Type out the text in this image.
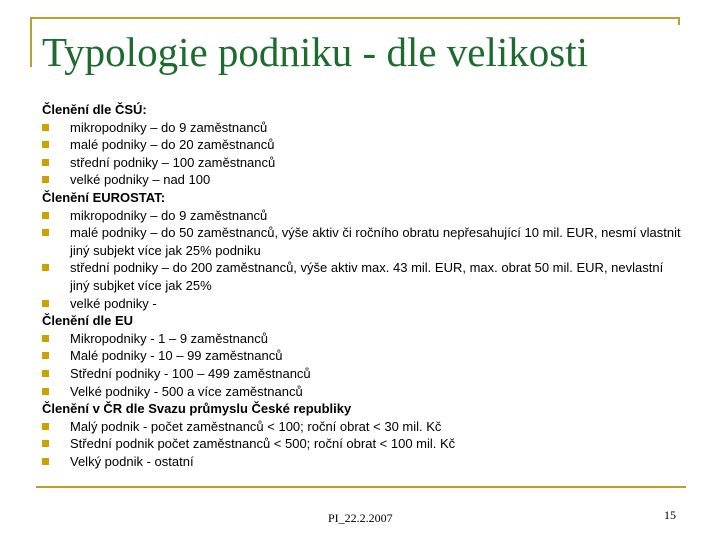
Typologie podniku - dle velikosti
Členění dle ČSÚ:
mikropodniky – do 9 zaměstnanců
malé podniky – do 20 zaměstnanců
střední podniky – 100 zaměstnanců
velké podniky – nad 100
Členění EUROSTAT:
mikropodniky – do 9 zaměstnanců
malé podniky – do 50 zaměstnanců, výše aktiv či ročního obratu nepřesahující 10 mil. EUR, nesmí vlastnit jiný subjekt více jak 25% podniku
střední podniky – do 200 zaměstnanců, výše aktiv max. 43 mil. EUR, max. obrat 50 mil. EUR, nevlastní jiný subjket více jak 25%
velké podniky -
Členění dle EU
Mikropodniky - 1 – 9 zaměstnanců
Malé podniky - 10 – 99 zaměstnanců
Střední podniky - 100 – 499 zaměstnanců
Velké podniky - 500 a více zaměstnanců
Členění v ČR dle Svazu průmyslu České republiky
Malý podnik - počet zaměstnanců < 100; roční obrat < 30 mil. Kč
Střední podnik počet zaměstnanců < 500; roční obrat < 100 mil. Kč
Velký podnik - ostatní
PI_22.2.2007	15
